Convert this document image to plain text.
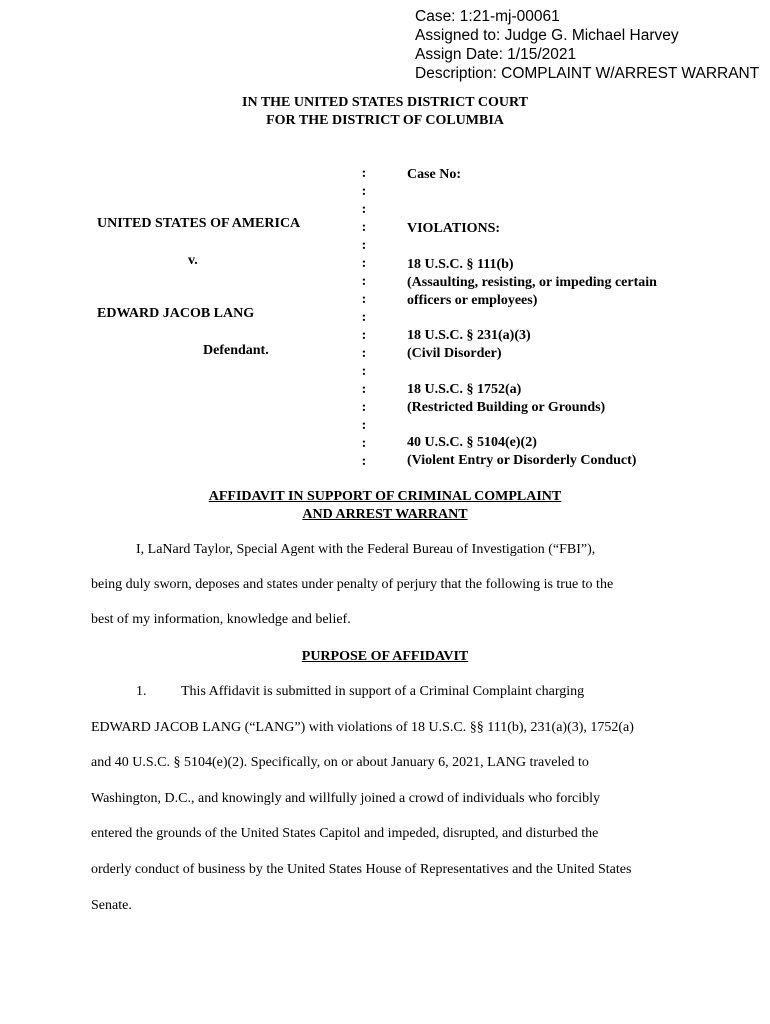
Case: 1:21-mj-00061
Assigned to: Judge G. Michael Harvey
Assign Date: 1/15/2021
Description: COMPLAINT W/ARREST WARRANT
IN THE UNITED STATES DISTRICT COURT
FOR THE DISTRICT OF COLUMBIA
UNITED STATES OF AMERICA
v.
EDWARD JACOB LANG
Defendant.
:
:
:
:
:
:
:
:
:
:
:
:
:
:
:
:
:
Case No:
VIOLATIONS:
18 U.S.C. § 111(b)
(Assaulting, resisting, or impeding certain
officers or employees)
18 U.S.C. § 231(a)(3)
(Civil Disorder)
18 U.S.C. § 1752(a)
(Restricted Building or Grounds)
40 U.S.C. § 5104(e)(2)
(Violent Entry or Disorderly Conduct)
AFFIDAVIT IN SUPPORT OF CRIMINAL COMPLAINT
AND ARREST WARRANT
I, LaNard Taylor, Special Agent with the Federal Bureau of Investigation (“FBI”),
being duly sworn, deposes and states under penalty of perjury that the following is true to the
best of my information, knowledge and belief.
PURPOSE OF AFFIDAVIT
1. This Affidavit is submitted in support of a Criminal Complaint charging
EDWARD JACOB LANG (“LANG”) with violations of 18 U.S.C. §§ 111(b), 231(a)(3), 1752(a)
and 40 U.S.C. § 5104(e)(2). Specifically, on or about January 6, 2021, LANG traveled to
Washington, D.C., and knowingly and willfully joined a crowd of individuals who forcibly
entered the grounds of the United States Capitol and impeded, disrupted, and disturbed the
orderly conduct of business by the United States House of Representatives and the United States
Senate.
